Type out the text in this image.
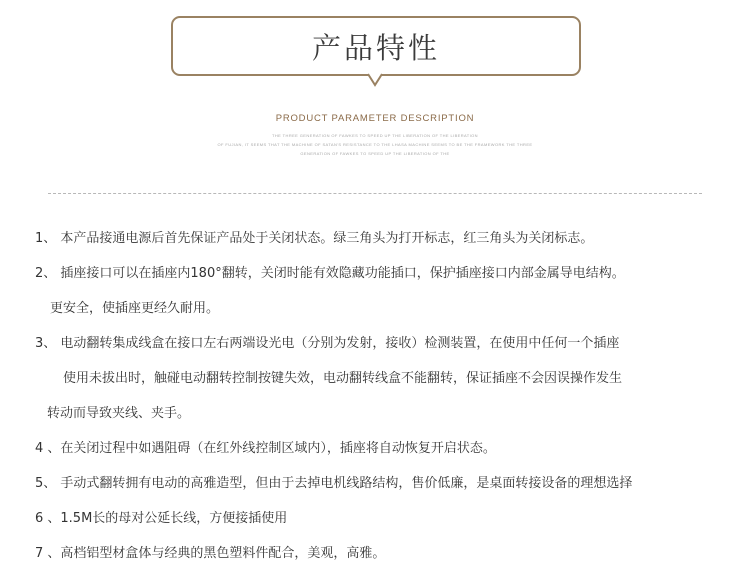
产品特性
PRODUCT PARAMETER DESCRIPTION
THE THREE GENERATION OF FAWKES TO SPEED UP THE LIBERATION OF THE LIBERATION
OF FUJIAN, IT SEEMS THAT THE MACHINE OF SATAN'S RESISTANCE TO THE LHASA MACHINE SEEMS TO BE THE FRAMEWORK THE THREE
GENERATION OF FAWKES TO SPEED UP THE LIBERATION OF THE
1、 本产品接通电源后首先保证产品处于关闭状态。绿三角头为打开标志，红三角头为关闭标志。
2、 插座接口可以在插座内180°翻转，关闭时能有效隐藏功能插口，保护插座接口内部金属导电结构。
更安全，使插座更经久耐用。
3、 电动翻转集成线盒在接口左右两端设光电（分别为发射，接收）检测装置，在使用中任何一个插座
使用未拔出时，触碰电动翻转控制按键失效，电动翻转线盒不能翻转，保证插座不会因误操作发生
转动而导致夹线、夹手。
4 、在关闭过程中如遇阻碍（在红外线控制区域内），插座将自动恢复开启状态。
5、 手动式翻转拥有电动的高雅造型，但由于去掉电机线路结构，售价低廉，是桌面转接设备的理想选择
6 、1.5M长的母对公延长线，方便接插使用
7 、高档铝型材盒体与经典的黑色塑料件配合，美观，高雅。
